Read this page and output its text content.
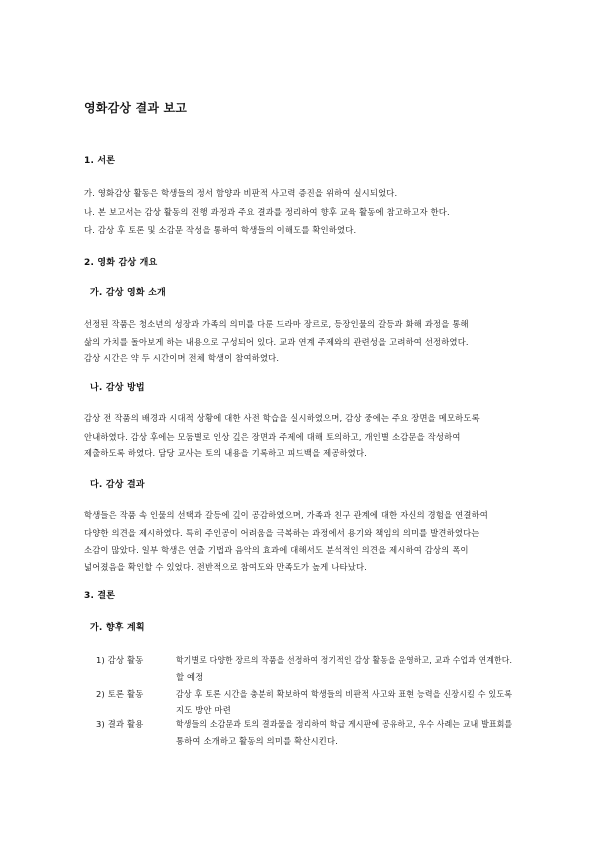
영화감상 결과 보고
1. 서론
가. 영화감상 활동은 학생들의 정서 함양과 비판적 사고력 증진을 위하여 실시되었다.
나. 본 보고서는 감상 활동의 진행 과정과 주요 결과를 정리하여 향후 교육 활동에 참고하고자 한다.
다. 감상 후 토론 및 소감문 작성을 통하여 학생들의 이해도를 확인하였다.
2. 영화 감상 개요
가. 감상 영화 소개
선정된 작품은 청소년의 성장과 가족의 의미를 다룬 드라마 장르로, 등장인물의 갈등과 화해 과정을 통해
삶의 가치를 돌아보게 하는 내용으로 구성되어 있다. 교과 연계 주제와의 관련성을 고려하여 선정하였다.
감상 시간은 약 두 시간이며 전체 학생이 참여하였다.
나. 감상 방법
감상 전 작품의 배경과 시대적 상황에 대한 사전 학습을 실시하였으며, 감상 중에는 주요 장면을 메모하도록
안내하였다. 감상 후에는 모둠별로 인상 깊은 장면과 주제에 대해 토의하고, 개인별 소감문을 작성하여
제출하도록 하였다. 담당 교사는 토의 내용을 기록하고 피드백을 제공하였다.
다. 감상 결과
학생들은 작품 속 인물의 선택과 갈등에 깊이 공감하였으며, 가족과 친구 관계에 대한 자신의 경험을 연결하여
다양한 의견을 제시하였다. 특히 주인공이 어려움을 극복하는 과정에서 용기와 책임의 의미를 발견하였다는
소감이 많았다. 일부 학생은 연출 기법과 음악의 효과에 대해서도 분석적인 의견을 제시하여 감상의 폭이
넓어졌음을 확인할 수 있었다. 전반적으로 참여도와 만족도가 높게 나타났다.
3. 결론
가. 향후 계획
1) 감상 활동	학기별로 다양한 장르의 작품을 선정하여 정기적인 감상 활동을 운영하고, 교과 수업과 연계한다.
할 예정
2) 토론 활동	감상 후 토론 시간을 충분히 확보하여 학생들의 비판적 사고와 표현 능력을 신장시킬 수 있도록
지도 방안 마련
3) 결과 활용	학생들의 소감문과 토의 결과물을 정리하여 학급 게시판에 공유하고, 우수 사례는 교내 발표회를
통하여 소개하고 활동의 의미를 확산시킨다.
